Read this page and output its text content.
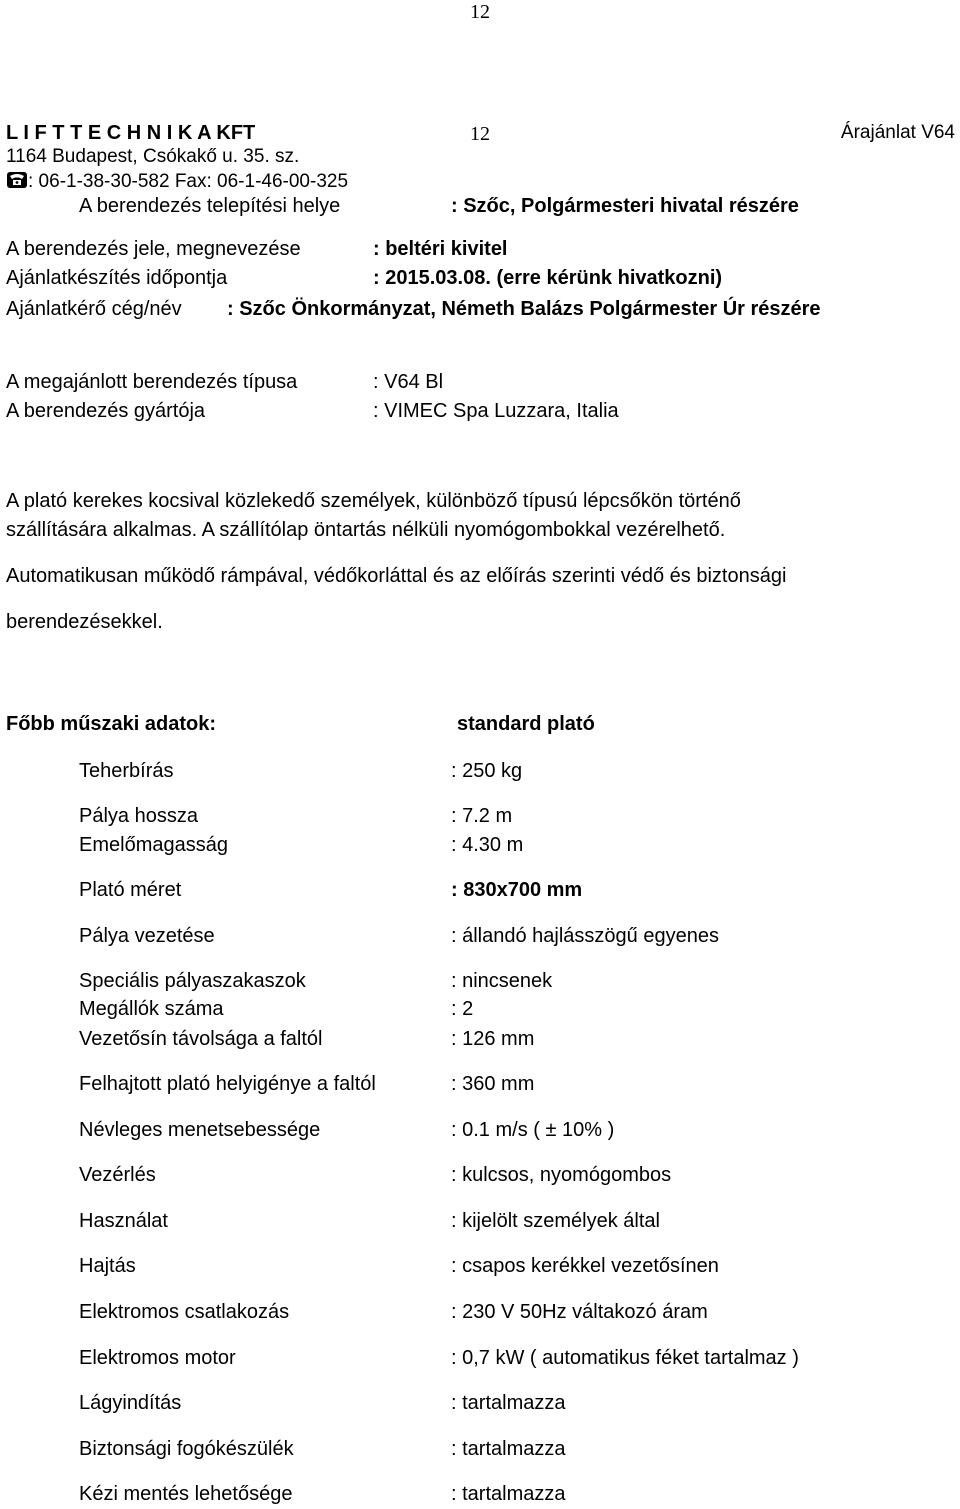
12
L I F T T E C H N I K A KFT	12	Árajánlat V64
1164 Budapest, Csókakő u. 35. sz.
: 06-1-38-30-582 Fax: 06-1-46-00-325
A berendezés telepítési helye	: Szőc, Polgármesteri hivatal részére
A berendezés jele, megnevezése	: beltéri kivitel
Ajánlatkészítés időpontja	: 2015.03.08. (erre kérünk hivatkozni)
Ajánlatkérő cég/név : Szőc Önkormányzat, Németh Balázs Polgármester Úr részére
A megajánlott berendezés típusa	: V64 Bl
A berendezés gyártója	: VIMEC Spa Luzzara, Italia
A plató kerekes kocsival közlekedő személyek, különböző típusú lépcsőkön történő
szállítására alkalmas. A szállítólap öntartás nélküli nyomógombokkal vezérelhető.
Automatikusan működő rámpával, védőkorláttal és az előírás szerinti védő és biztonsági
berendezésekkel.
Főbb műszaki adatok:	standard plató
Teherbírás	: 250 kg
Pálya hossza	: 7.2 m
Emelőmagasság	: 4.30 m
Plató méret	: 830x700 mm
Pálya vezetése	: állandó hajlásszögű egyenes
Speciális pályaszakaszok	: nincsenek
Megállók száma	: 2
Vezetősín távolsága a faltól	: 126 mm
Felhajtott plató helyigénye a faltól	: 360 mm
Névleges menetsebessége	: 0.1 m/s ( ± 10% )
Vezérlés	: kulcsos, nyomógombos
Használat	: kijelölt személyek által
Hajtás	: csapos kerékkel vezetősínen
Elektromos csatlakozás	: 230 V 50Hz váltakozó áram
Elektromos motor	: 0,7 kW ( automatikus féket tartalmaz )
Lágyindítás	: tartalmazza
Biztonsági fogókészülék	: tartalmazza
Kézi mentés lehetősége	: tartalmazza
